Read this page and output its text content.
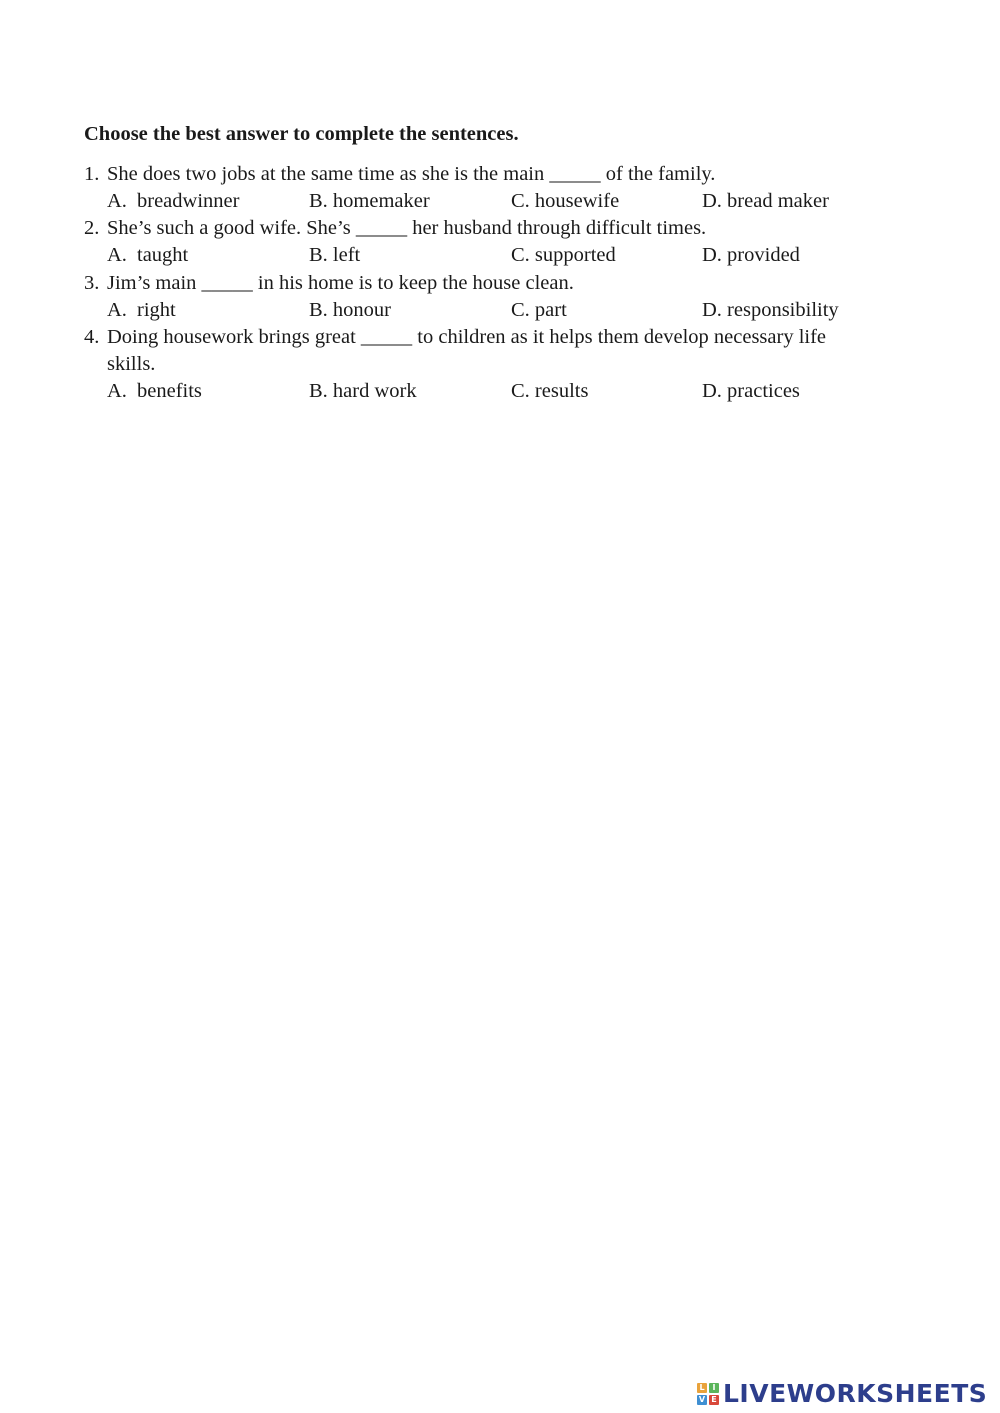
Choose the best answer to complete the sentences.
1. She does two jobs at the same time as she is the main _____ of the family.
A. breadwinner	B. homemaker	C. housewife	D. bread maker
2. She’s such a good wife. She’s _____ her husband through difficult times.
A. taught	B. left	C. supported	D. provided
3. Jim’s main _____ in his home is to keep the house clean.
A. right	B. honour	C. part	D. responsibility
4. Doing housework brings great _____ to children as it helps them develop necessary life
skills.
A. benefits	B. hard work	C. results	D. practices
L I
V E LIVEWORKSHEETS
